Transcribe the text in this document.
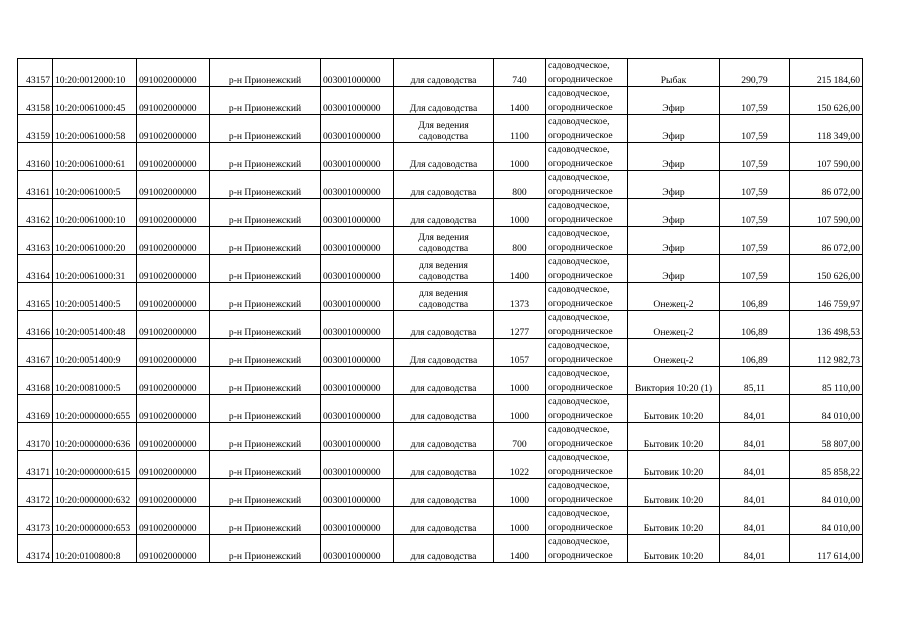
43157	10:20:0012000:10	091002000000	р-н Прионежский	003001000000	для садоводства	740	садоводческое,
огородническое	Рыбак	290,79	215 184,60
43158	10:20:0061000:45	091002000000	р-н Прионежский	003001000000	Для садоводства	1400	садоводческое,
огородническое	Эфир	107,59	150 626,00
43159	10:20:0061000:58	091002000000	р-н Прионежский	003001000000	Для ведения
садоводства	1100	садоводческое,
огородническое	Эфир	107,59	118 349,00
43160	10:20:0061000:61	091002000000	р-н Прионежский	003001000000	Для садоводства	1000	садоводческое,
огородническое	Эфир	107,59	107 590,00
43161	10:20:0061000:5	091002000000	р-н Прионежский	003001000000	для садоводства	800	садоводческое,
огородническое	Эфир	107,59	86 072,00
43162	10:20:0061000:10	091002000000	р-н Прионежский	003001000000	для садоводства	1000	садоводческое,
огородническое	Эфир	107,59	107 590,00
43163	10:20:0061000:20	091002000000	р-н Прионежский	003001000000	Для ведения
садоводства	800	садоводческое,
огородническое	Эфир	107,59	86 072,00
43164	10:20:0061000:31	091002000000	р-н Прионежский	003001000000	для ведения
садоводства	1400	садоводческое,
огородническое	Эфир	107,59	150 626,00
43165	10:20:0051400:5	091002000000	р-н Прионежский	003001000000	для ведения
садоводства	1373	садоводческое,
огородническое	Онежец-2	106,89	146 759,97
43166	10:20:0051400:48	091002000000	р-н Прионежский	003001000000	для садоводства	1277	садоводческое,
огородническое	Онежец-2	106,89	136 498,53
43167	10:20:0051400:9	091002000000	р-н Прионежский	003001000000	Для садоводства	1057	садоводческое,
огородническое	Онежец-2	106,89	112 982,73
43168	10:20:0081000:5	091002000000	р-н Прионежский	003001000000	для садоводства	1000	садоводческое,
огородническое	Виктория 10:20 (1)	85,11	85 110,00
43169	10:20:0000000:655	091002000000	р-н Прионежский	003001000000	для садоводства	1000	садоводческое,
огородническое	Бытовик 10:20	84,01	84 010,00
43170	10:20:0000000:636	091002000000	р-н Прионежский	003001000000	для садоводства	700	садоводческое,
огородническое	Бытовик 10:20	84,01	58 807,00
43171	10:20:0000000:615	091002000000	р-н Прионежский	003001000000	для садоводства	1022	садоводческое,
огородническое	Бытовик 10:20	84,01	85 858,22
43172	10:20:0000000:632	091002000000	р-н Прионежский	003001000000	для садоводства	1000	садоводческое,
огородническое	Бытовик 10:20	84,01	84 010,00
43173	10:20:0000000:653	091002000000	р-н Прионежский	003001000000	для садоводства	1000	садоводческое,
огородническое	Бытовик 10:20	84,01	84 010,00
43174	10:20:0100800:8	091002000000	р-н Прионежский	003001000000	для садоводства	1400	садоводческое,
огородническое	Бытовик 10:20	84,01	117 614,00
